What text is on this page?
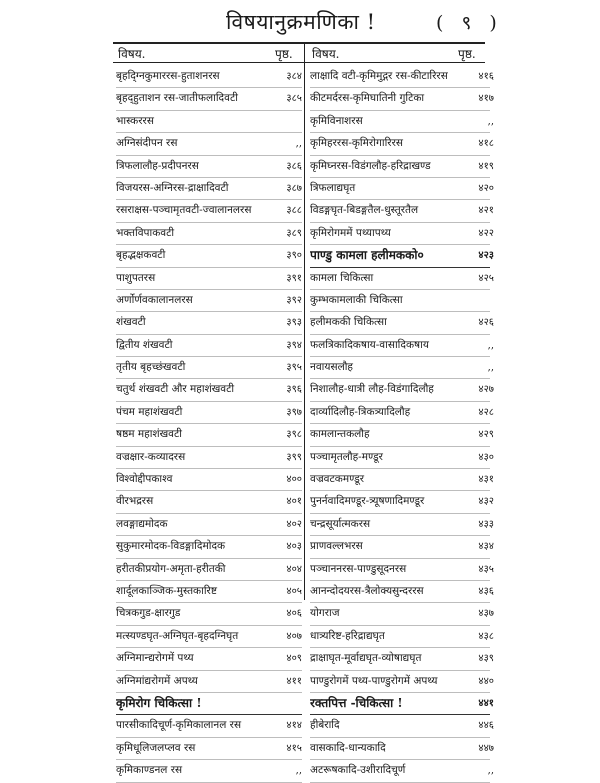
विषयानुक्रमणिका !	( ९ )
विषय.	पृष्ठ. विषय.	पृष्ठ.
बृहद्‍ग्निकुमाररस-हुताशनरस	३८४
बृहद्हुताशन रस-जातीफलादिवटी	३८५
भास्कररस
अग्निसंदीपन रस	,,
त्रिफलालौह-प्रदीपनरस	३८६
विजयरस-अग्निरस-द्राक्षादिवटी	३८७
रसराक्षस-पञ्चामृतवटी-ज्वालानलरस	३८८
भक्तविपाकवटी	३८९
बृहद्भक्षकवटी	३९०
पाशुपतरस	३९१
अर्णोर्णवकालानलरस	३९२
शंखवटी	३९३
द्वितीय शंखवटी	३९४
तृतीय बृहच्छंखवटी	३९५
चतुर्थ शंखवटी और महाशंखवटी	३९६
पंचम महाशंखवटी	३९७
षष्ठम महाशंखवटी	३९८
वज्रक्षार-कव्यादरस	३९९
विश्वोद्दीपकाश्व	४००
वीरभद्ररस	४०१
लवङ्गाद्यमोदक	४०२
सुकुमारमोदक-विडङ्गादिमोदक	४०३
हरीतकीप्रयोग-अमृता-हरीतकी	४०४
शार्दूलकाञ्जिक-मुस्तकारिष्ट	४०५
चित्रकगुड-क्षारगुड	४०६
मत्स्यण्डघृत-अग्निघृत-बृहदग्निघृत	४०७
अग्निमान्द्यरोगमें पथ्य	४०९
अग्निमांद्यरोगमें अपथ्य	४११
कृमिरोग चिकित्सा !
पारसीकादिचूर्ण-कृमिकालानल रस	४१४
कृमिधूलिजलप्लव रस	४१५
कृमिकाण्डनल रस	,,
लाक्षादि वटी-कृमिमुद्गर रस-कीटारिरस	४१६
कीटमर्दरस-कृमिघातिनी गुटिका	४१७
कृमिविनाशरस	,,
कृमिहररस-कृमिरोगारिरस	४१८
कृमिघ्नरस-विडंगलौह-हरिद्राखण्ड	४१९
त्रिफलाद्यघृत	४२०
विडङ्गघृत-बिडङ्गतैल-धुस्तूरतैल	४२१
कृमिरोगममें पथ्यापथ्य	४२२
पाण्डु कामला हलीमकको०	४२३
कामला चिकित्सा	४२५
कुम्भकामलाकी चिकित्सा
हलीमककी चिकित्सा	४२६
फलत्रिकादिकषाय-वासादिकषाय	,,
नवायसलौह	,,
निशालौह-धात्री लौह-विडंगादिलौह	४२७
दार्व्यादिलौह-त्रिकत्र्यादिलौह	४२८
कामलान्तकलौह	४२९
पञ्चामृतलौह-मण्डूर	४३०
वज्रवटकमण्डूर	४३१
पुनर्नवादिमण्डूर-त्र्यूषणादिमण्डूर	४३२
चन्द्रसूर्यात्मकरस	४३३
प्राणवल्लभरस	४३४
पञ्चाननरस-पाण्डुसूदनरस	४३५
आनन्दोदयरस-त्रैलोक्यसुन्दररस	४३६
योगराज	४३७
धात्र्यरिष्ट-हरिद्राद्यघृत	४३८
द्राक्षाघृत-मूर्वाद्यघृत-व्योषाद्यघृत	४३९
पाण्डुरोगमें पथ्य-पाण्डुरोगमें अपथ्य	४४०
रक्तपित्त -चिकित्सा !	४४१
हीबेरादि	४४६
वासकादि-धान्यकादि	४४७
अटरूषकादि-उशीरादिचूर्ण	,,
